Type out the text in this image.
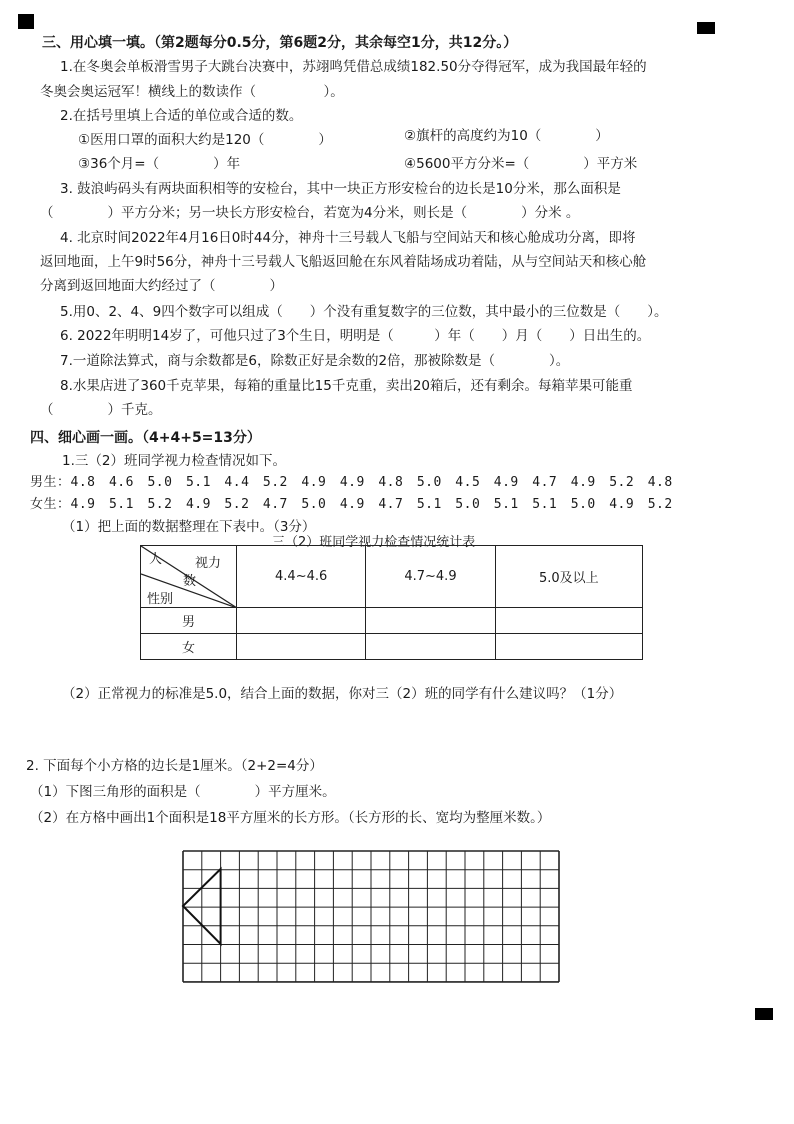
三、用心填一填。（第2题每分0.5分，第6题2分，其余每空1分，共12分。）
1.在冬奥会单板滑雪男子大跳台决赛中，苏翊鸣凭借总成绩182.50分夺得冠军，成为我国最年轻的
冬奥会奥运冠军！横线上的数读作（　　　　　）。
2.在括号里填上合适的单位或合适的数。
①医用口罩的面积大约是120（　　　　）	②旗杆的高度约为10（　　　　）
③36个月=（　　　　）年	④5600平方分米=（　　　　）平方米
3. 鼓浪屿码头有两块面积相等的安检台，其中一块正方形安检台的边长是10分米，那么面积是
（　　　　）平方分米；另一块长方形安检台，若宽为4分米，则长是（　　　　）分米 。
4. 北京时间2022年4月16日0时44分，神舟十三号载人飞船与空间站天和核心舱成功分离，即将
返回地面，上午9时56分，神舟十三号载人飞船返回舱在东风着陆场成功着陆，从与空间站天和核心舱
分离到返回地面大约经过了（　　　　）
5.用0、2、4、9四个数字可以组成（　　）个没有重复数字的三位数，其中最小的三位数是（　　）。
6. 2022年明明14岁了，可他只过了3个生日，明明是（　　　）年（　　）月（　　）日出生的。
7.一道除法算式，商与余数都是6，除数正好是余数的2倍，那被除数是（　　　　）。
8.水果店进了360千克苹果，每箱的重量比15千克重，卖出20箱后，还有剩余。每箱苹果可能重
（　　　　）千克。
四、细心画一画。（4+4+5=13分）
1.三（2）班同学视力检查情况如下。
男生：4.8　4.6　5.0　5.1　4.4　5.2　4.9　4.9　4.8　5.0　4.5　4.9　4.7　4.9　5.2　4.8
女生：4.9　5.1　5.2　4.9　5.2　4.7　5.0　4.9　4.7　5.1　5.0　5.1　5.1　5.0　4.9　5.2
（1）把上面的数据整理在下表中。（3分）
三（2）班同学视力检查情况统计表
人 视力
数
性别	4.4~4.6	4.7~4.9	5.0及以上
男			
女			
（2）正常视力的标准是5.0，结合上面的数据，你对三（2）班的同学有什么建议吗？（1分）
2. 下面每个小方格的边长是1厘米。（2+2=4分）
（1）下图三角形的面积是（　　　　）平方厘米。
（2）在方格中画出1个面积是18平方厘米的长方形。（长方形的长、宽均为整厘米数。）
